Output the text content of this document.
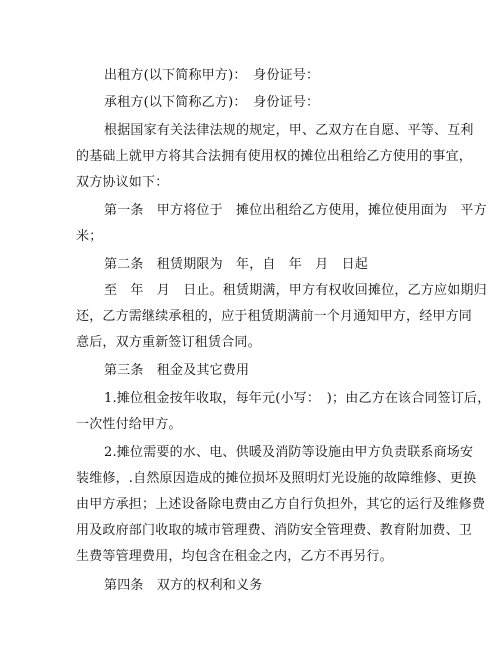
出租方(以下简称甲方)：　身份证号：
承租方(以下简称乙方)：　身份证号：
根据国家有关法律法规的规定，甲、乙双方在自愿、平等、互利
的基础上就甲方将其合法拥有使用权的摊位出租给乙方使用的事宜，
双方协议如下：
第一条　甲方将位于　摊位出租给乙方使用，摊位使用面为　平方
米；
第二条　租赁期限为　年，自　年　月　日起
至　年　月　日止。租赁期满，甲方有权收回摊位，乙方应如期归
还，乙方需继续承租的，应于租赁期满前一个月通知甲方，经甲方同
意后，双方重新签订租赁合同。
第三条　租金及其它费用
1.摊位租金按年收取，每年元(小写：　)；由乙方在该合同签订后，
一次性付给甲方。
2.摊位需要的水、电、供暖及消防等设施由甲方负责联系商场安
装维修，.自然原因造成的摊位损坏及照明灯光设施的故障维修、更换
由甲方承担；上述设备除电费由乙方自行负担外，其它的运行及维修费
用及政府部门收取的城市管理费、消防安全管理费、教育附加费、卫
生费等管理费用，均包含在租金之内，乙方不再另行。
第四条　双方的权利和义务
